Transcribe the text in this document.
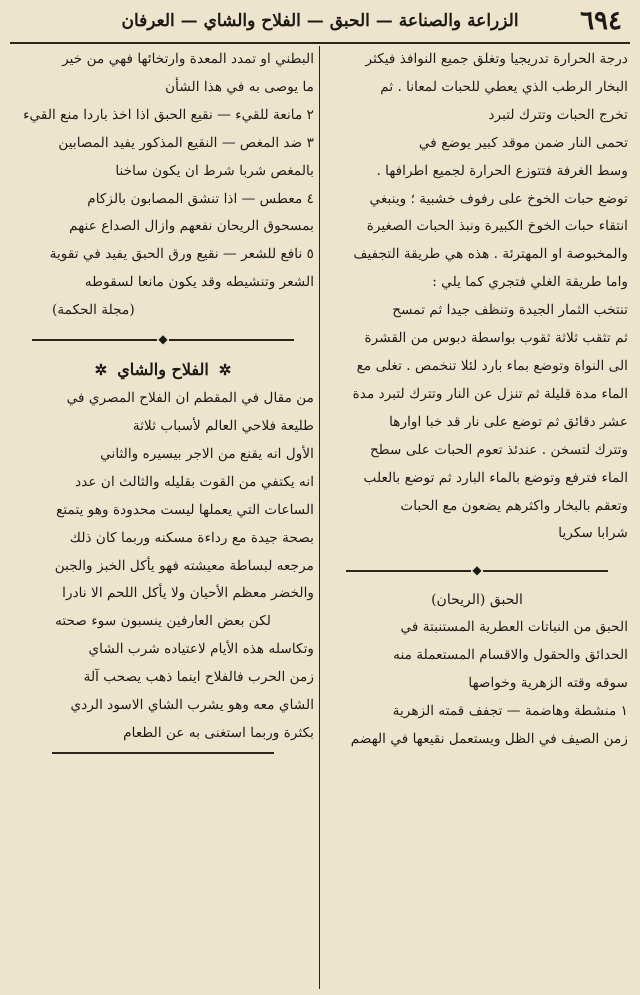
٦٩٤
الزراعة والصناعة — الحبق — الفلاح والشاي — العرفان
درجة الحرارة تدريجيا وتغلق جميع النوافذ فيكثر
البخار الرطب الذي يعطي للحبات لمعانا . ثم
تخرج الحبات وتترك لتبرد
تحمى النار ضمن موقد كبير يوضع في
وسط الغرفة فتتوزع الحرارة لجميع اطرافها .
توضع حبات الخوخ على رفوف خشبية ؛ وينبغي
انتقاء حبات الخوخ الكبيرة ونبذ الحبات الصغيرة
والمخبوصة او المهترئة . هذه هي طريقة التجفيف
واما طريقة الغلي فتجري كما يلي :
تنتخب الثمار الجيدة وتنظف جيدا ثم تمسح
ثم تثقب ثلاثة ثقوب بواسطة دبوس من القشرة
الى النواة وتوضع بماء بارد لئلا تنخمص . تغلى مع
الماء مدة قليلة ثم تنزل عن النار وتترك لتبرد مدة
عشر دقائق ثم توضع على نار قد خبا اوارها
وتترك لتسخن . عندئذ تعوم الحبات على سطح
الماء فترفع وتوضع بالماء البارد ثم توضع بالعلب
وتعقم بالبخار واكثرهم يضعون مع الحبات
شرابا سكريا
◆
الحبق (الريحان)
الحبق من النباتات العطرية المستنبتة في
الحدائق والحقول والاقسام المستعملة منه
سوقه وقته الزهرية وخواصها
١ منشطة وهاضمة — تجفف قمته الزهرية
زمن الصيف في الظل ويستعمل نقيعها في الهضم
البطني او تمدد المعدة وارتخائها فهي من خير
ما يوصى به في هذا الشأن
٢ مانعة للقيء — نقيع الحبق اذا اخذ باردا منع القيء
٣ ضد المغص — النقيع المذكور يفيد المصابين
بالمغص شربا شرط ان يكون ساخنا
٤ معطس — اذا تنشق المصابون بالزكام
بمسحوق الريحان نفعهم وازال الصداع عنهم
٥ نافع للشعر — نقيع ورق الحبق يفيد في تقوية
الشعر وتنشيطه وقد يكون مانعا لسقوطه
(مجلة الحكمة)
◆
✲الفلاح والشاي✲
من مقال في المقطم ان الفلاح المصري في
طليعة فلاحي العالم لأسباب ثلاثة
الأول انه يقنع من الاجر بيسيره والثاني
انه يكتفي من القوت بقليله والثالث ان عدد
الساعات التي يعملها ليست محدودة وهو يتمتع
بصحة جيدة مع رداءة مسكنه وربما كان ذلك
مرجعه لبساطة معيشته فهو يأكل الخبز والجبن
والخضر معظم الأحيان ولا يأكل اللحم الا نادرا
لكن بعض العارفين ينسبون سوء صحته
وتكاسله هذه الأيام لاعتياده شرب الشاي
زمن الحرب فالفلاح اينما ذهب يصحب آلة
الشاي معه وهو يشرب الشاي الاسود الردي
بكثرة وربما استغنى به عن الطعام
